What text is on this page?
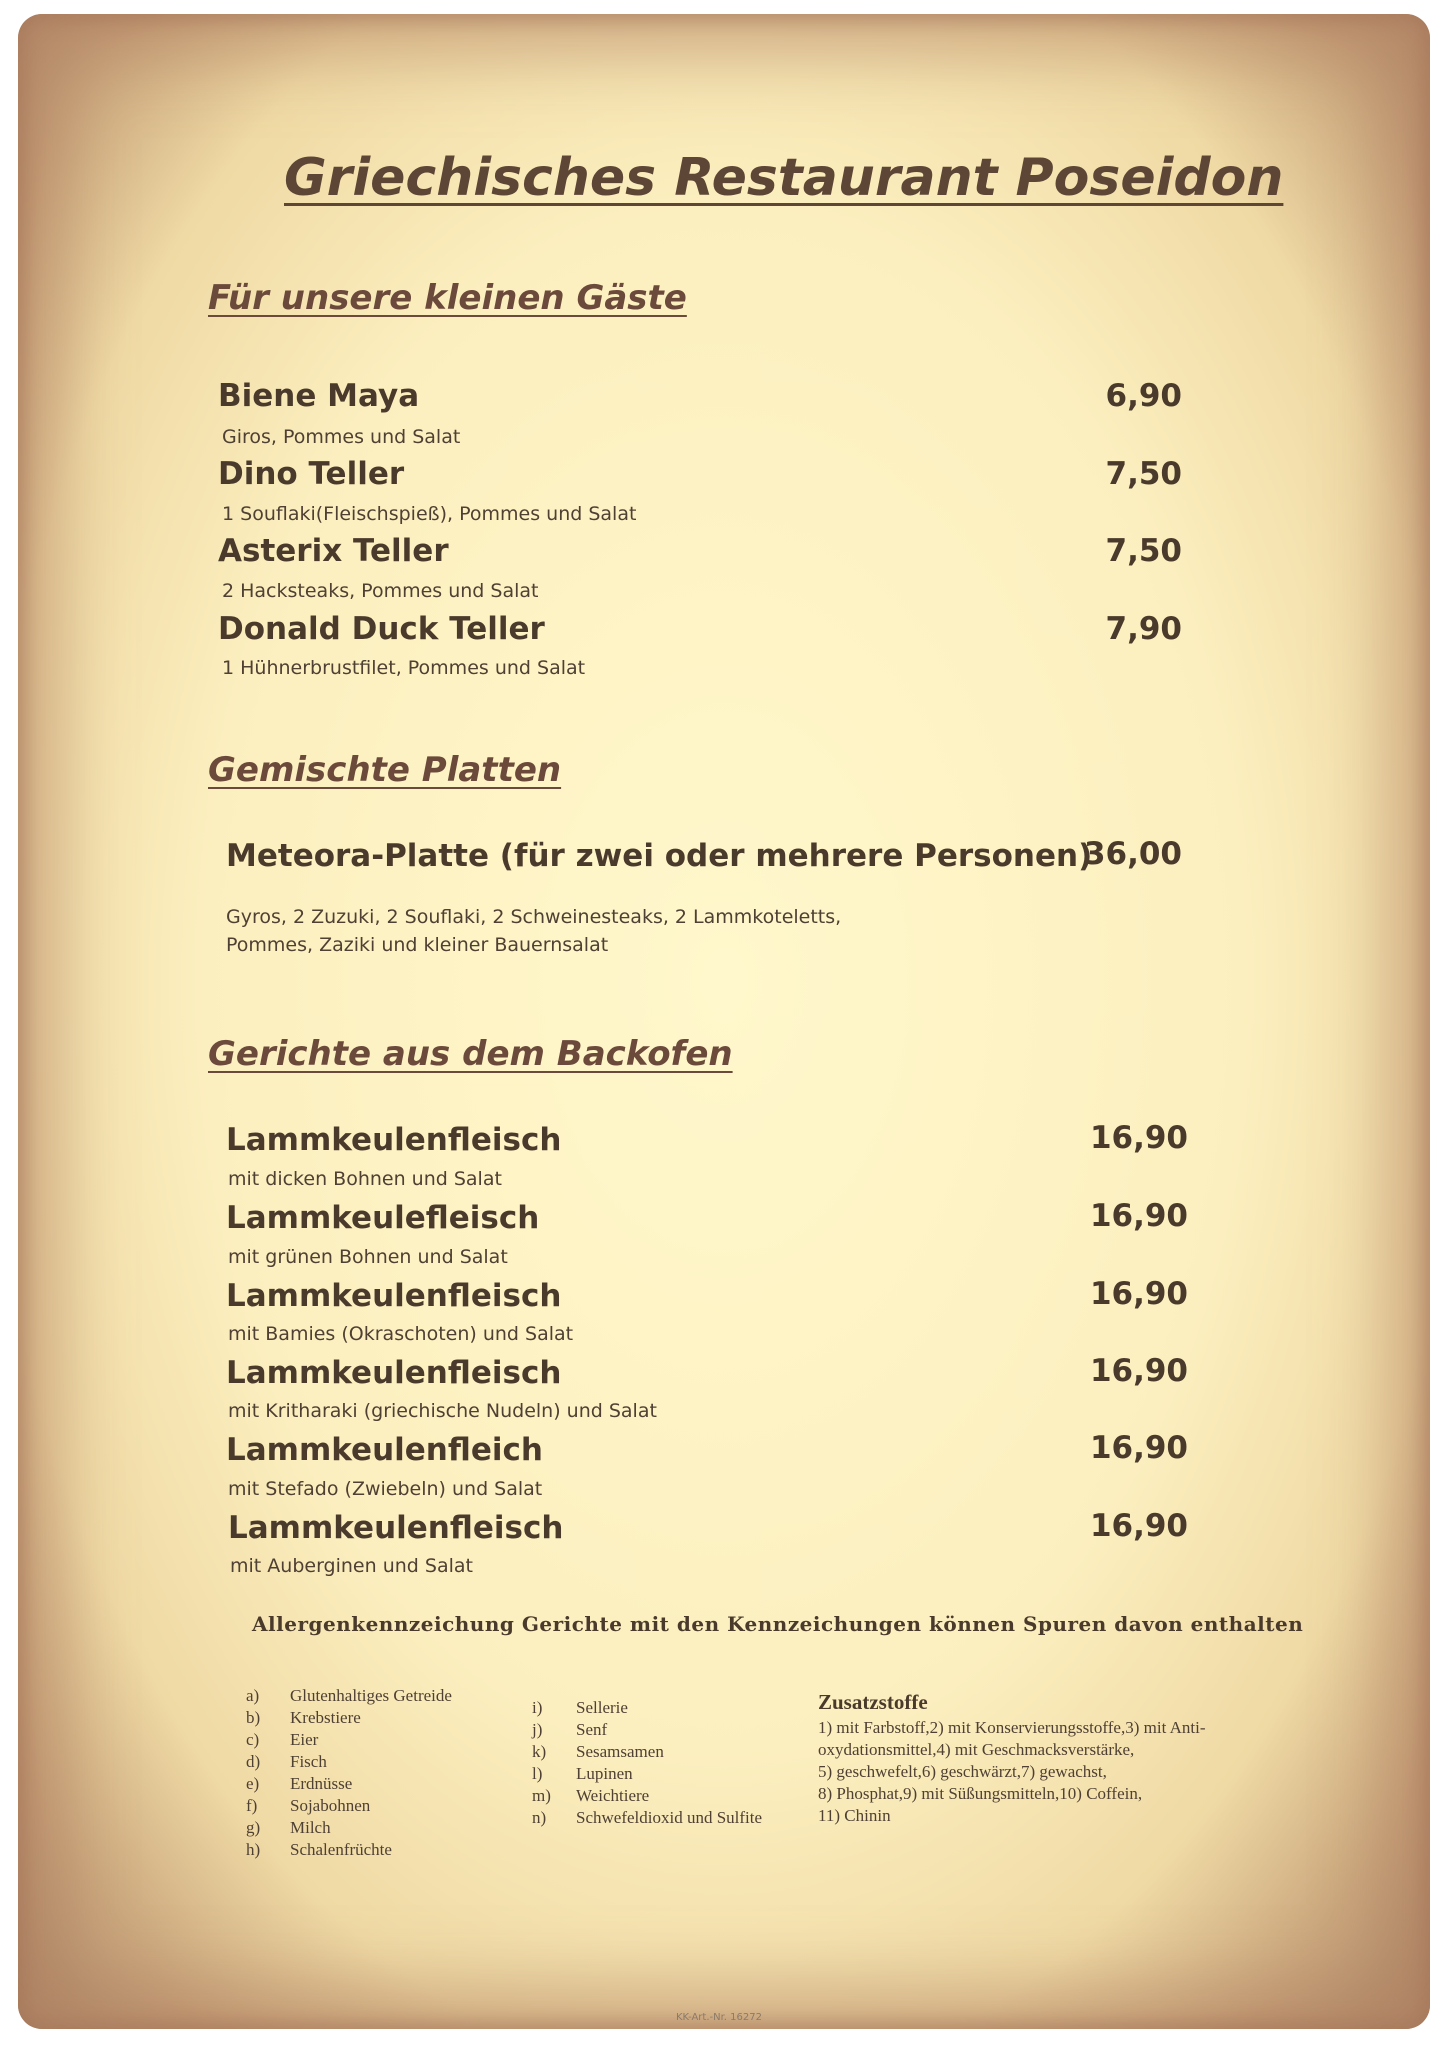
Griechisches Restaurant Poseidon
Für unsere kleinen Gäste
Biene Maya
Giros, Pommes und Salat
6,90
Dino Teller
1 Souflaki(Fleischspieß), Pommes und Salat
7,50
Asterix Teller
2 Hacksteaks, Pommes und Salat
7,50
Donald Duck Teller
1 Hühnerbrustfilet, Pommes und Salat
7,90
Gemischte Platten
Meteora-Platte (für zwei oder mehrere Personen)
36,00
Gyros, 2 Zuzuki, 2 Souflaki, 2 Schweinesteaks, 2 Lammkoteletts,
Pommes, Zaziki und kleiner Bauernsalat
Gerichte aus dem Backofen
Lammkeulenfleisch
mit dicken Bohnen und Salat
16,90
Lammkeulefleisch
mit grünen Bohnen und Salat
16,90
Lammkeulenfleisch
mit Bamies (Okraschoten) und Salat
16,90
Lammkeulenfleisch
mit Kritharaki (griechische Nudeln) und Salat
16,90
Lammkeulenfleich
mit Stefado (Zwiebeln) und Salat
16,90
Lammkeulenfleisch
mit Auberginen und Salat
16,90
Allergenkennzeichung Gerichte mit den Kennzeichungen können Spuren davon enthalten
a) Glutenhaltiges Getreide
b) Krebstiere
c) Eier
d) Fisch
e) Erdnüsse
f) Sojabohnen
g) Milch
h) Schalenfrüchte
i) Sellerie
j) Senf
k) Sesamsamen
l) Lupinen
m) Weichtiere
n) Schwefeldioxid und Sulfite
Zusatzstoffe
1) mit Farbstoff,2) mit Konservierungsstoffe,3) mit Anti-
oxydationsmittel,4) mit Geschmacksverstärke,
5) geschwefelt,6) geschwärzt,7) gewachst,
8) Phosphat,9) mit Süßungsmitteln,10) Coffein,
11) Chinin
KK-Art.-Nr. 16272
